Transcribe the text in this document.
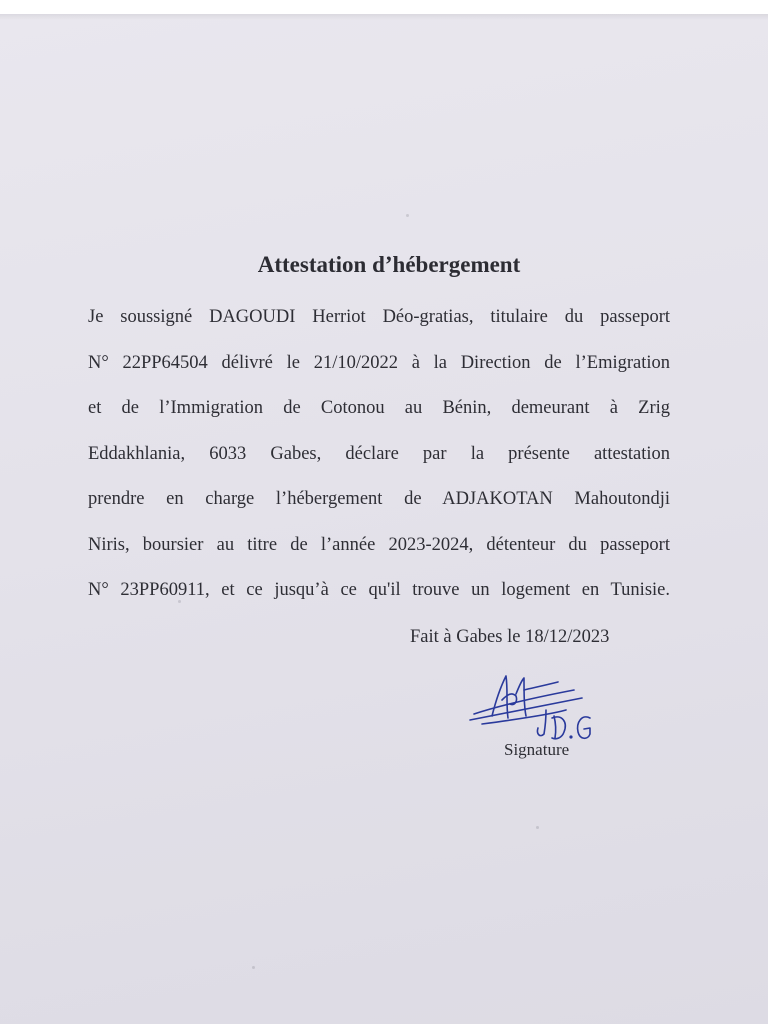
Attestation d’hébergement
Je soussigné DAGOUDI Herriot Déo-gratias, titulaire du passeport
N° 22PP64504 délivré le 21/10/2022 à la Direction de l’Emigration
et de l’Immigration de Cotonou au Bénin, demeurant à Zrig
Eddakhlania, 6033 Gabes, déclare par la présente attestation
prendre en charge l’hébergement de ADJAKOTAN Mahoutondji
Niris, boursier au titre de l’année 2023-2024, détenteur du passeport
N° 23PP60911, et ce jusqu’à ce qu'il trouve un logement en Tunisie.
Fait à Gabes le 18/12/2023
Signature
